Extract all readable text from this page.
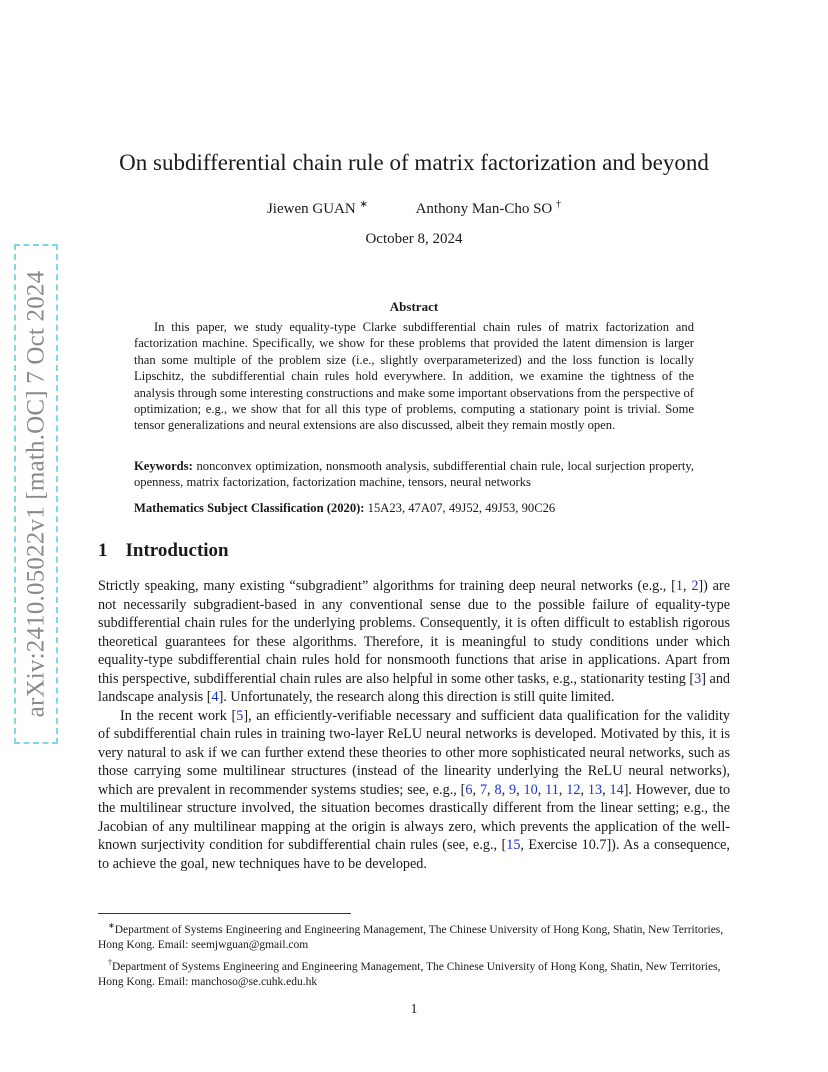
arXiv:2410.05022v1 [math.OC] 7 Oct 2024
On subdifferential chain rule of matrix factorization and beyond
Jiewen GUAN ∗	Anthony Man-Cho SO †
October 8, 2024
Abstract
In this paper, we study equality-type Clarke subdifferential chain rules of matrix factorization and factorization machine. Specifically, we show for these problems that provided the latent dimension is larger than some multiple of the problem size (i.e., slightly overparameterized) and the loss function is locally Lipschitz, the subdifferential chain rules hold everywhere. In addition, we examine the tightness of the analysis through some interesting constructions and make some important observations from the perspective of optimization; e.g., we show that for all this type of problems, computing a stationary point is trivial. Some tensor generalizations and neural extensions are also discussed, albeit they remain mostly open.
Keywords: nonconvex optimization, nonsmooth analysis, subdifferential chain rule, local surjection property, openness, matrix factorization, factorization machine, tensors, neural networks
Mathematics Subject Classification (2020): 15A23, 47A07, 49J52, 49J53, 90C26
1 Introduction

Strictly speaking, many existing “subgradient” algorithms for training deep neural networks (e.g., [1, 2]) are not necessarily subgradient-based in any conventional sense due to the possible failure of equality-type subdifferential chain rules for the underlying problems. Consequently, it is often difficult to establish rigorous theoretical guarantees for these algorithms. Therefore, it is meaningful to study conditions under which equality-type subdifferential chain rules hold for nonsmooth functions that arise in applications. Apart from this perspective, subdifferential chain rules are also helpful in some other tasks, e.g., stationarity testing [3] and landscape analysis [4]. Unfortunately, the research along this direction is still quite limited.

In the recent work [5], an efficiently-verifiable necessary and sufficient data qualification for the validity of subdifferential chain rules in training two-layer ReLU neural networks is developed. Motivated by this, it is very natural to ask if we can further extend these theories to other more sophisticated neural networks, such as those carrying some multilinear structures (instead of the linearity underlying the ReLU neural networks), which are prevalent in recommender systems studies; see, e.g., [6, 7, 8, 9, 10, 11, 12, 13, 14]. However, due to the multilinear structure involved, the situation becomes drastically different from the linear setting; e.g., the Jacobian of any multilinear mapping at the origin is always zero, which prevents the application of the well-known surjectivity condition for subdifferential chain rules (see, e.g., [15, Exercise 10.7]). As a consequence, to achieve the goal, new techniques have to be developed.

∗Department of Systems Engineering and Engineering Management, The Chinese University of Hong Kong, Shatin, New Territories, Hong Kong. Email: seemjwguan@gmail.com

†Department of Systems Engineering and Engineering Management, The Chinese University of Hong Kong, Shatin, New Territories, Hong Kong. Email: manchoso@se.cuhk.edu.hk

1
